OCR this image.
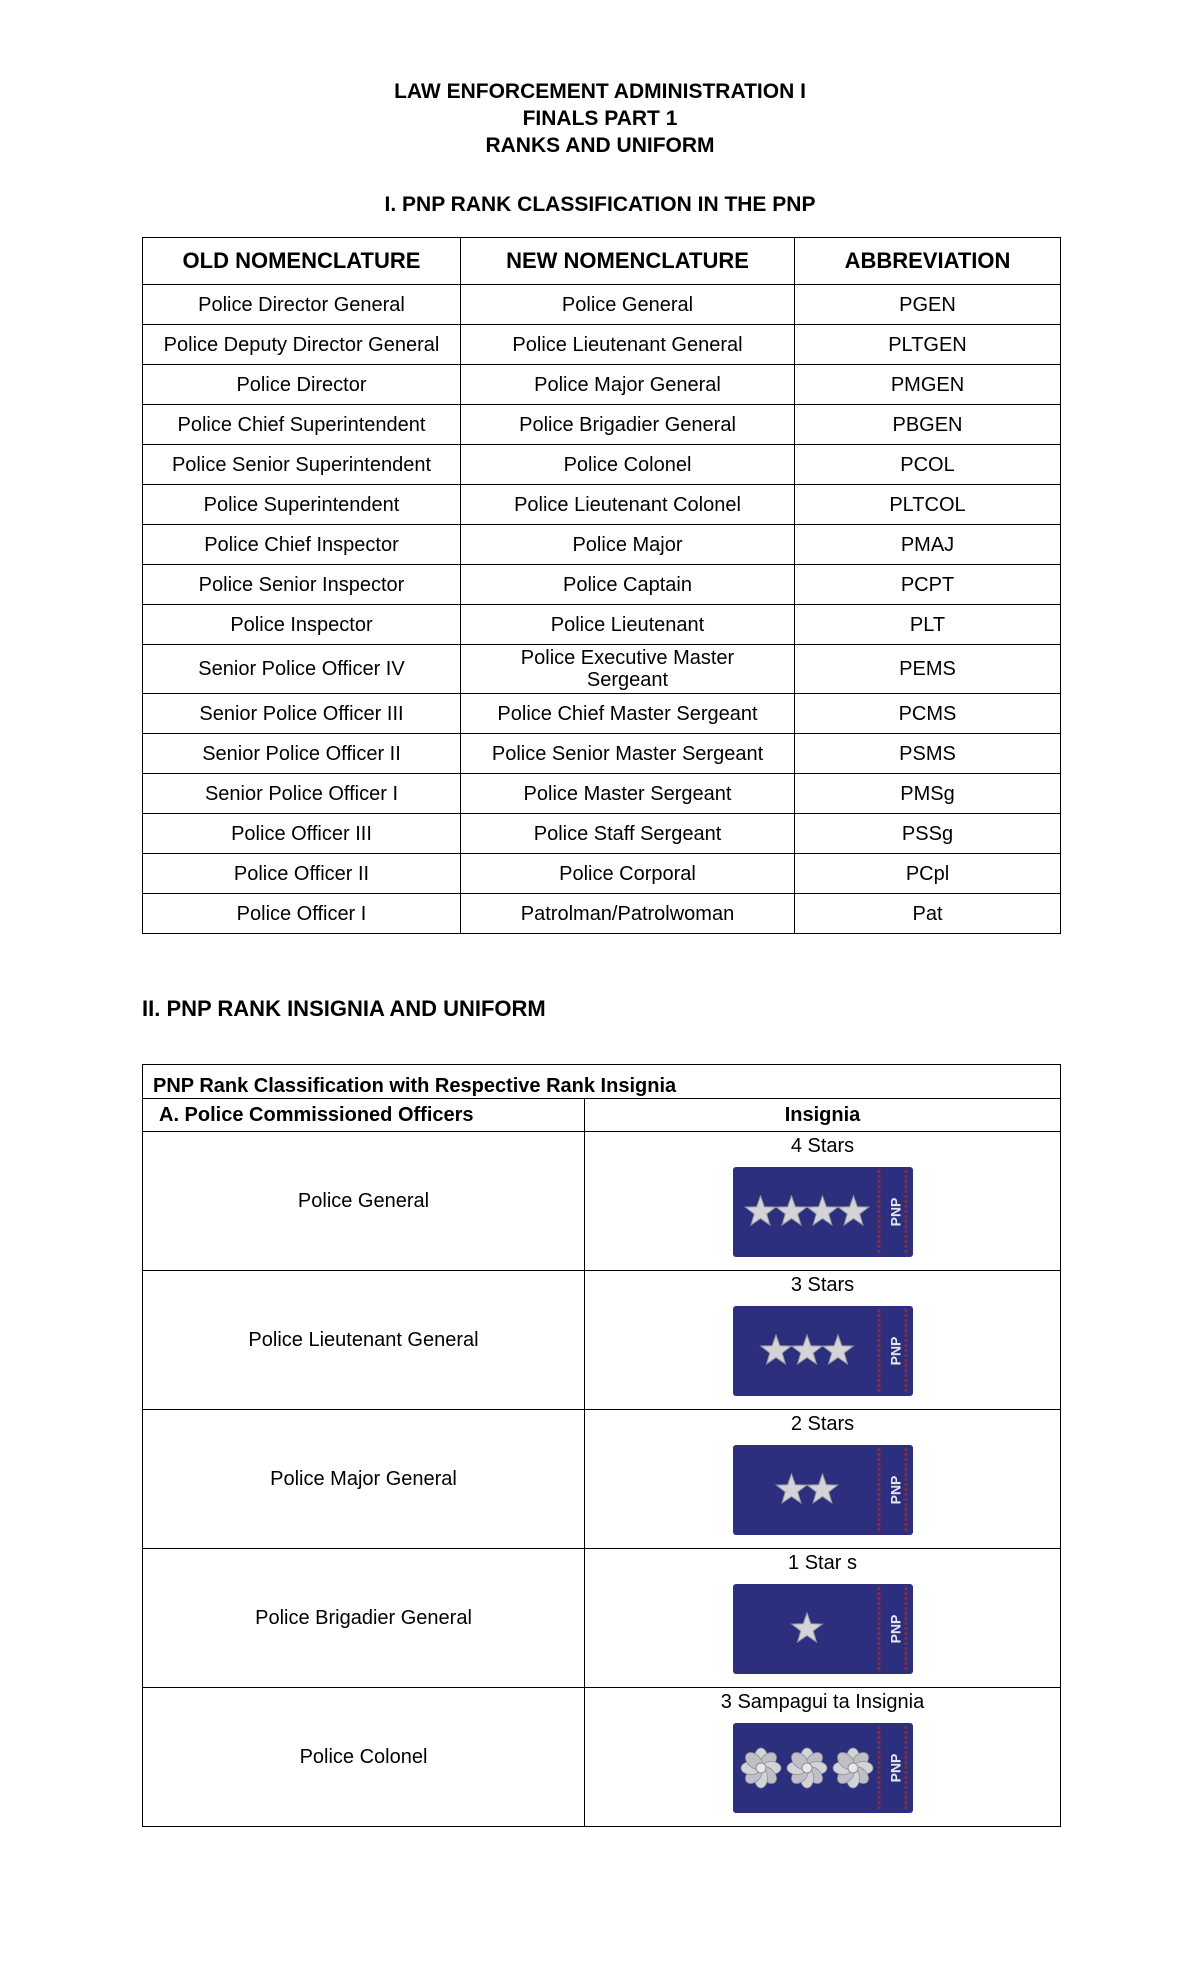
LAW ENFORCEMENT ADMINISTRATION I
FINALS PART 1
RANKS AND UNIFORM
I. PNP RANK CLASSIFICATION IN THE PNP
OLD NOMENCLATURE	NEW NOMENCLATURE	ABBREVIATION
Police Director General	Police General	PGEN
Police Deputy Director General	Police Lieutenant General	PLTGEN
Police Director	Police Major General	PMGEN
Police Chief Superintendent	Police Brigadier General	PBGEN
Police Senior Superintendent	Police Colonel	PCOL
Police Superintendent	Police Lieutenant Colonel	PLTCOL
Police Chief Inspector	Police Major	PMAJ
Police Senior Inspector	Police Captain	PCPT
Police Inspector	Police Lieutenant	PLT
Senior Police Officer IV	Police Executive Master Sergeant	PEMS
Senior Police Officer III	Police Chief Master Sergeant	PCMS
Senior Police Officer II	Police Senior Master Sergeant	PSMS
Senior Police Officer I	Police Master Sergeant	PMSg
Police Officer III	Police Staff Sergeant	PSSg
Police Officer II	Police Corporal	PCpl
Police Officer I	Patrolman/Patrolwoman	Pat
II. PNP RANK INSIGNIA AND UNIFORM
PNP Rank Classification with Respective Rank Insignia	
A. Police Commissioned Officers	Insignia
Police General	4 Stars
PNP

Police Lieutenant General	3 Stars
PNP

Police Major General	2 Stars
PNP

Police Brigadier General	1 Star s
PNP

Police Colonel	3 Sampagui ta Insignia
PNP
